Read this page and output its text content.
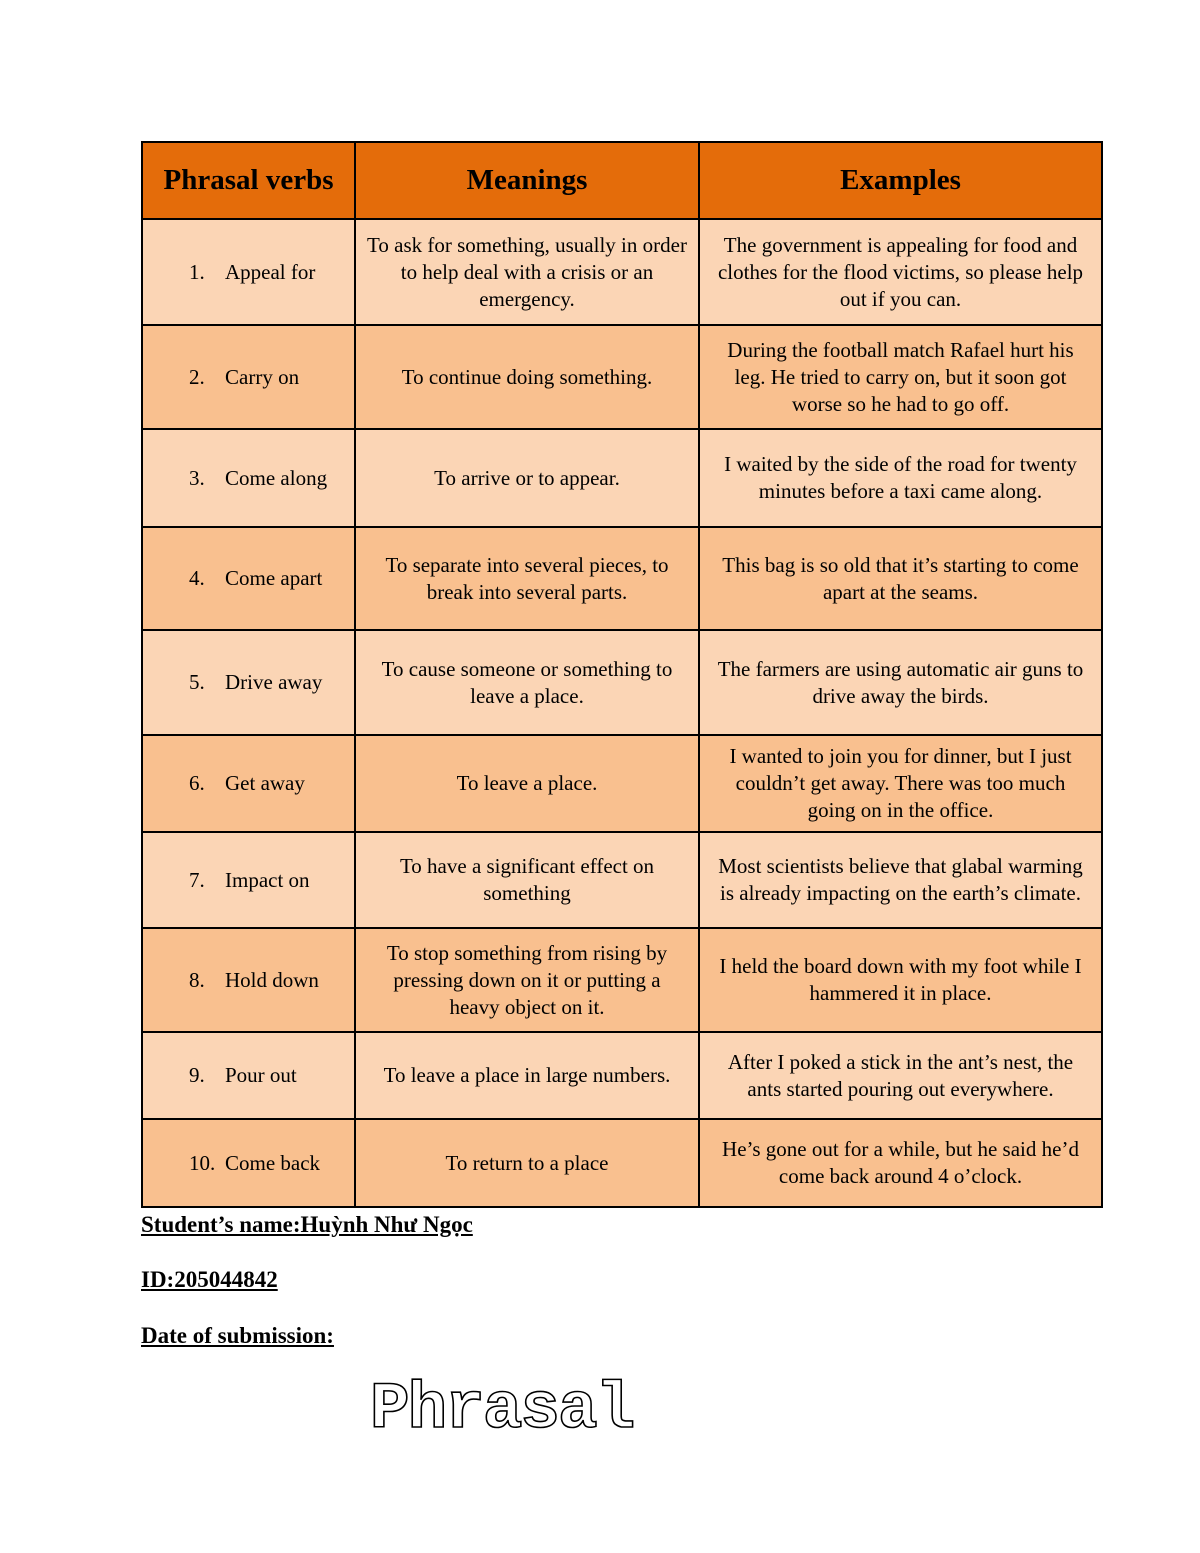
Phrasal verbs	Meanings	Examples
1. Appeal for	To ask for something, usually in order to help deal with a crisis or an emergency.	The government is appealing for food and clothes for the flood victims, so please help out if you can.
2. Carry on	To continue doing something.	During the football match Rafael hurt his leg. He tried to carry on, but it soon got worse so he had to go off.
3. Come along	To arrive or to appear.	I waited by the side of the road for twenty minutes before a taxi came along.
4. Come apart	To separate into several pieces, to break into several parts.	This bag is so old that it’s starting to come apart at the seams.
5. Drive away	To cause someone or something to leave a place.	The farmers are using automatic air guns to drive away the birds.
6. Get away	To leave a place.	I wanted to join you for dinner, but I just couldn’t get away. There was too much going on in the office.
7. Impact on	To have a significant effect on something	Most scientists believe that glabal warming is already impacting on the earth’s climate.
8. Hold down	To stop something from rising by pressing down on it or putting a heavy object on it.	I held the board down with my foot while I hammered it in place.
9. Pour out	To leave a place in large numbers.	After I poked a stick in the ant’s nest, the ants started pouring out everywhere.
10. Come back	To return to a place	He’s gone out for a while, but he said he’d come back around 4 o’clock.

Student’s name:Huỳnh Như Ngọc

ID:205044842

Date of submission:

Phrasal
